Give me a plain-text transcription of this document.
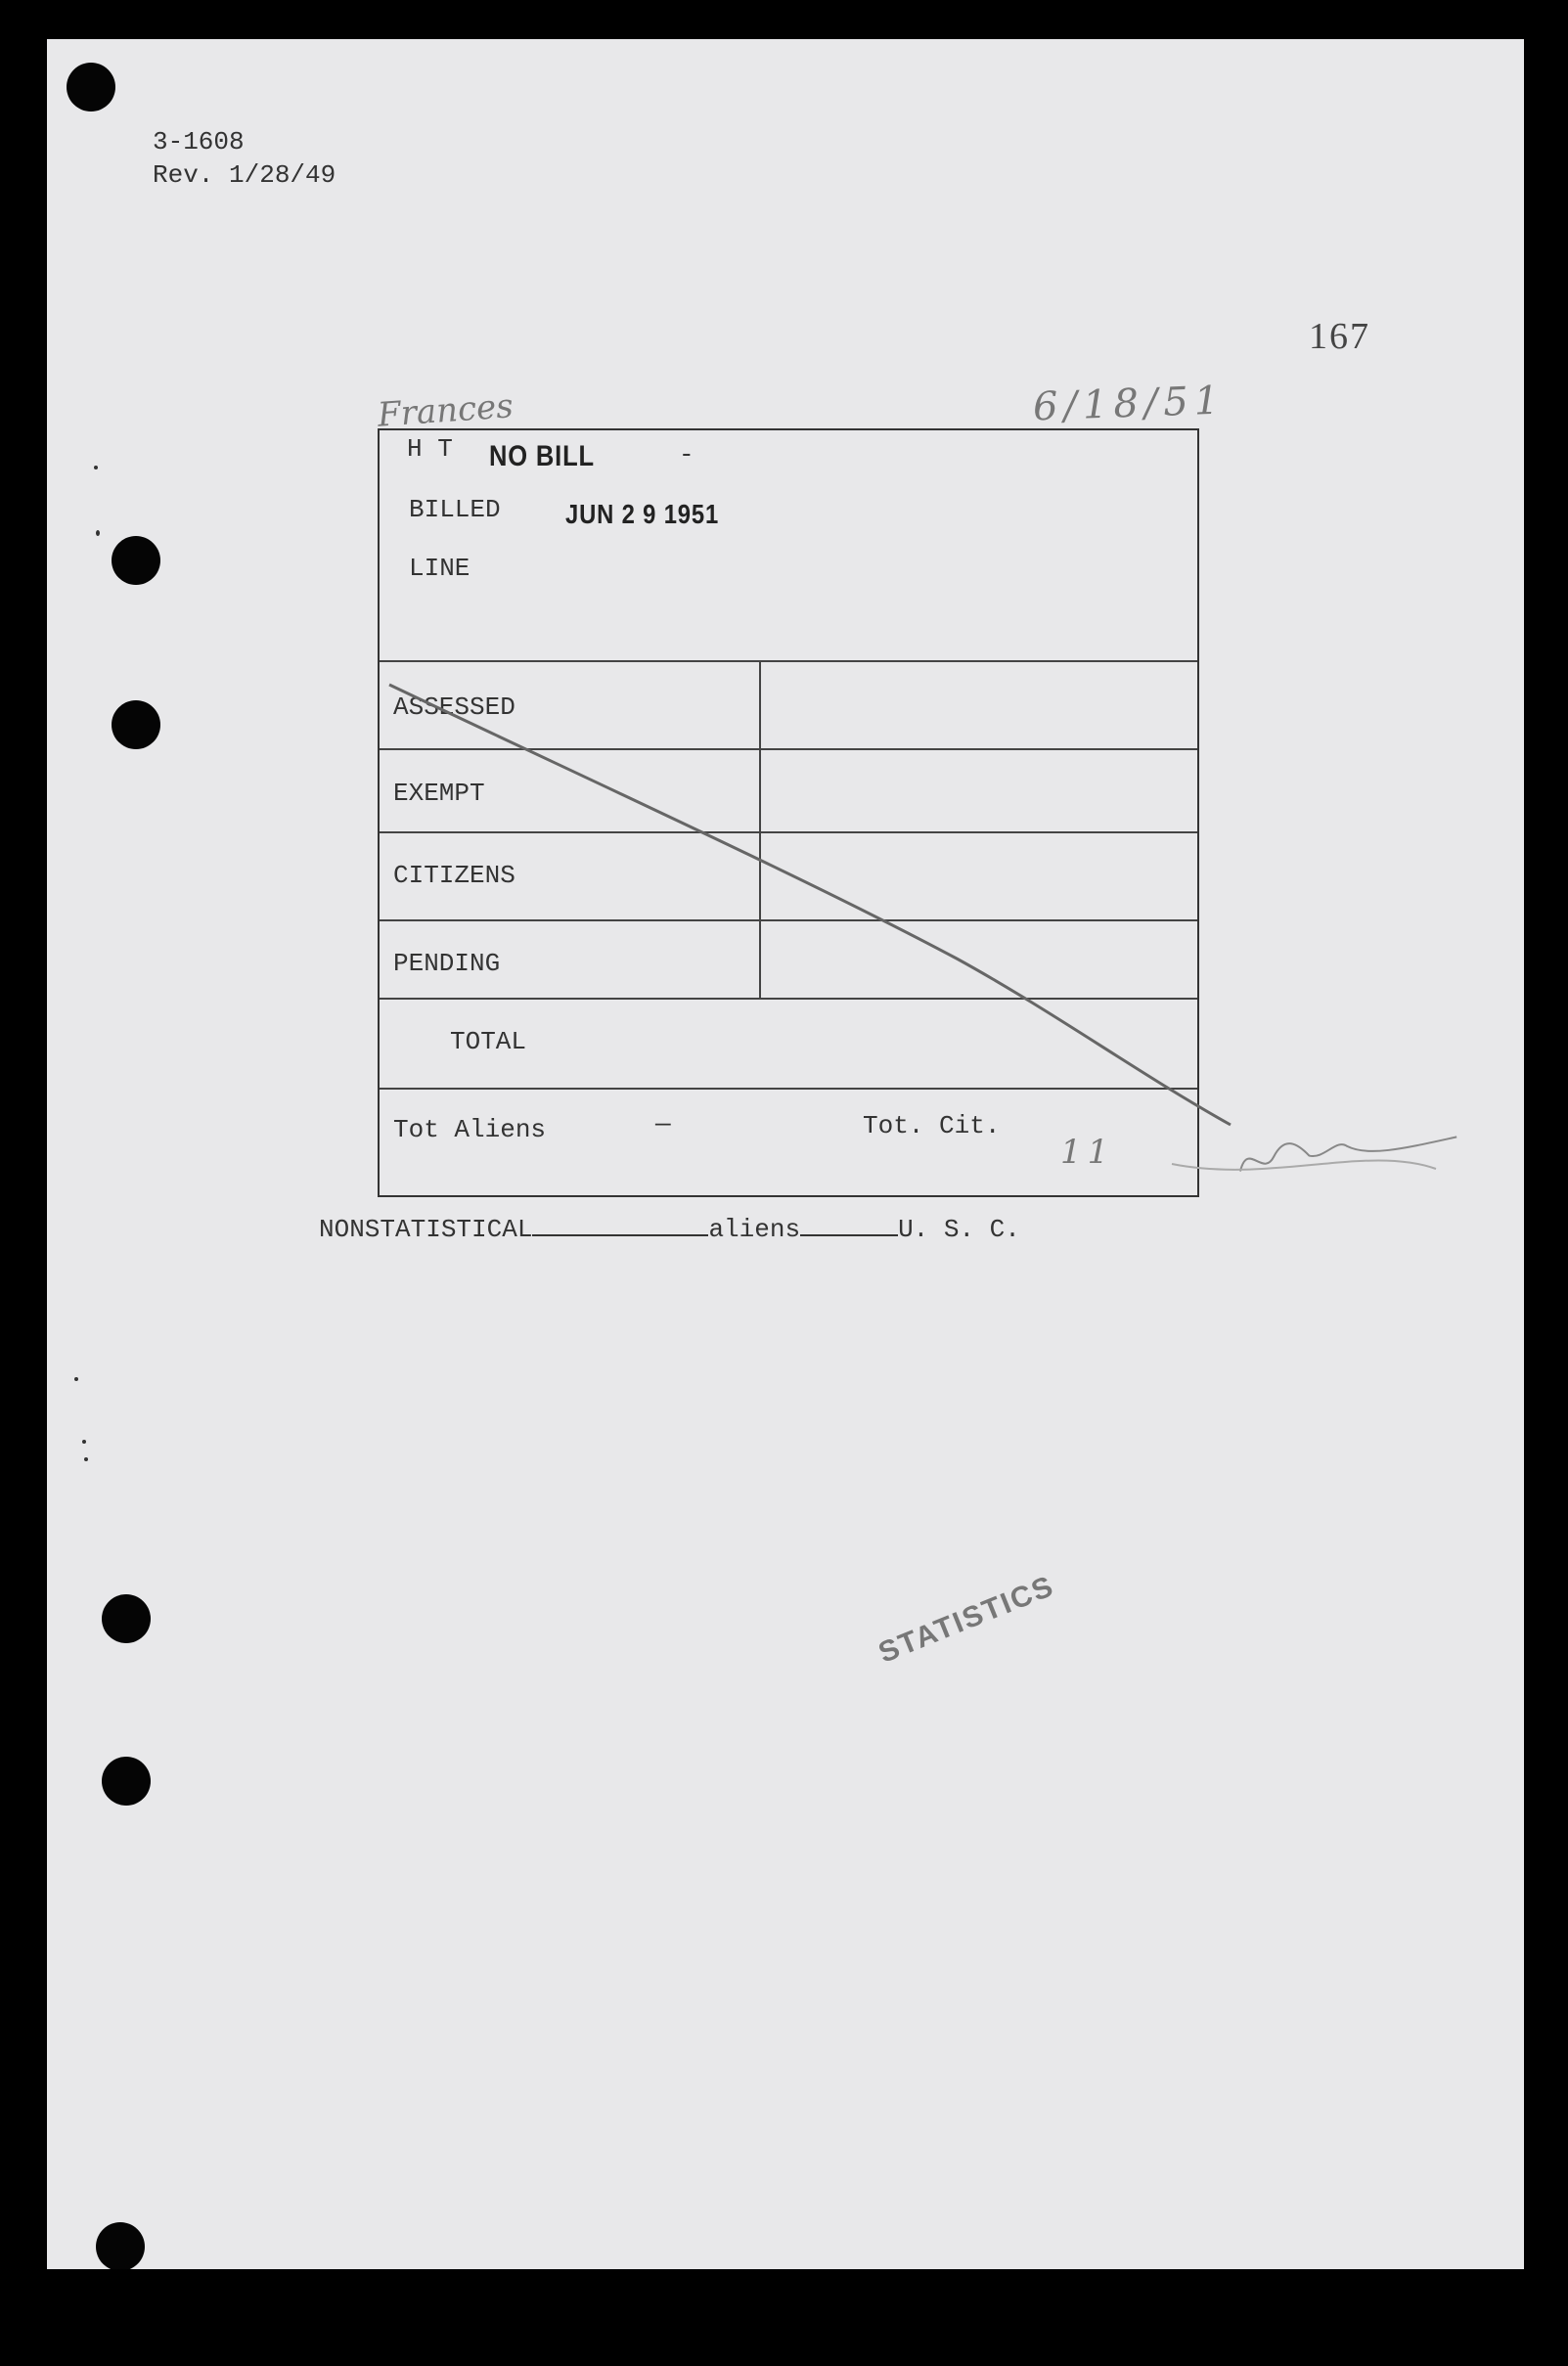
3-1608
Rev. 1/28/49
167
Frances	6/18/51
H T	-
BILLED
LINE
ASSESSED
EXEMPT
CITIZENS
PENDING
TOTAL
Tot Aliens	—	Tot. Cit.
NO BILL
JUN 2 9 1951
11
NONSTATISTICAL	aliens	U. S. C.
STATISTICS
